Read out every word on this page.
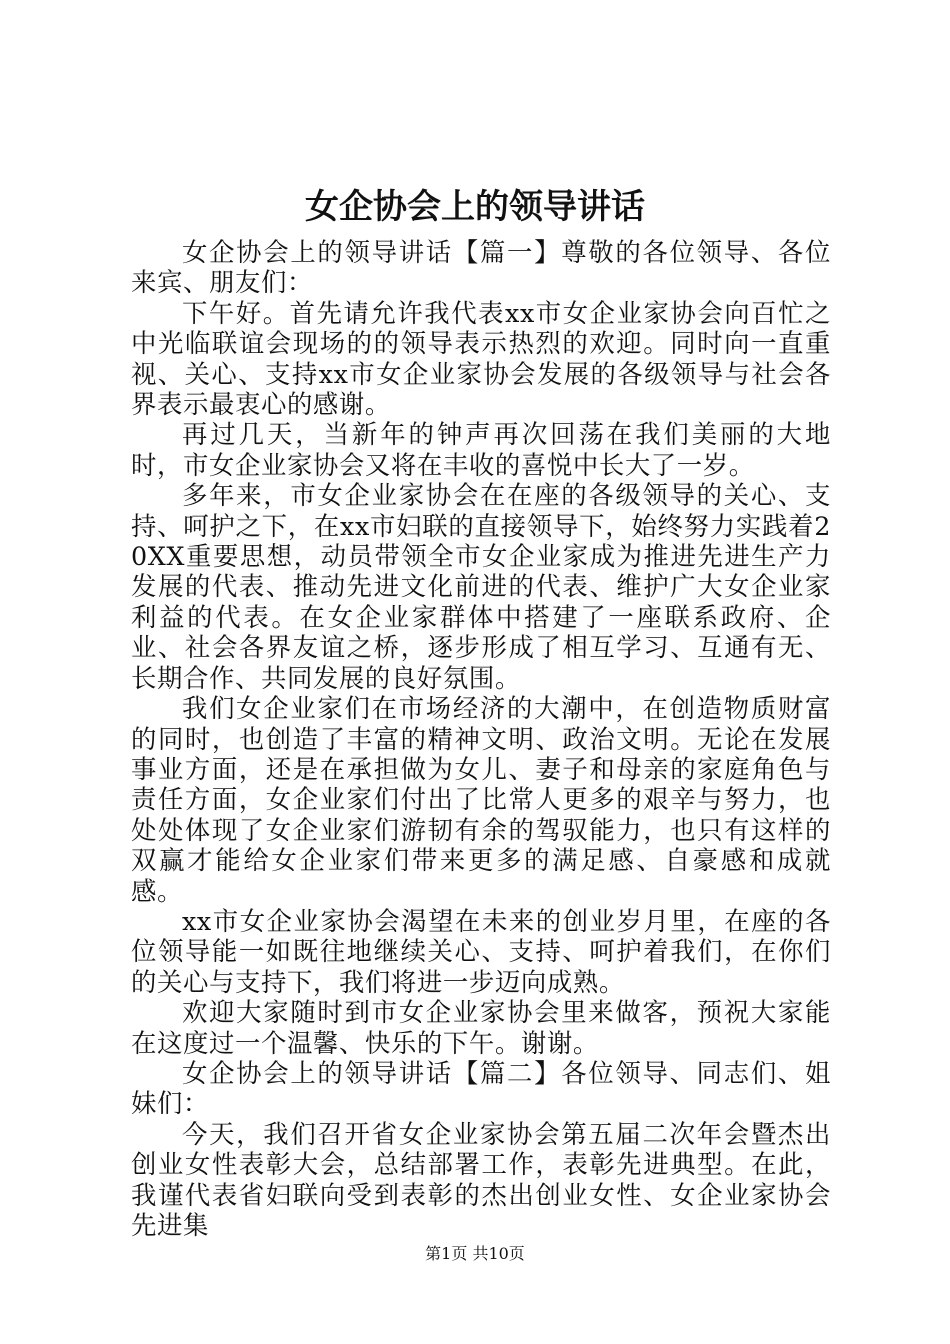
女企协会上的领导讲话

女企协会上的领导讲话【篇一】尊敬的各位领导、各位来宾、朋友们：

下午好。首先请允许我代表xx市女企业家协会向百忙之中光临联谊会现场的的领导表示热烈的欢迎。同时向一直重视、关心、支持xx市女企业家协会发展的各级领导与社会各界表示最衷心的感谢。

再过几天，当新年的钟声再次回荡在我们美丽的大地时，市女企业家协会又将在丰收的喜悦中长大了一岁。

多年来，市女企业家协会在在座的各级领导的关心、支持、呵护之下，在xx市妇联的直接领导下，始终努力实践着20XX重要思想，动员带领全市女企业家成为推进先进生产力发展的代表、推动先进文化前进的代表、维护广大女企业家利益的代表。在女企业家群体中搭建了一座联系政府、企业、社会各界友谊之桥，逐步形成了相互学习、互通有无、长期合作、共同发展的良好氛围。

我们女企业家们在市场经济的大潮中，在创造物质财富的同时，也创造了丰富的精神文明、政治文明。无论在发展事业方面，还是在承担做为女儿、妻子和母亲的家庭角色与责任方面，女企业家们付出了比常人更多的艰辛与努力，也处处体现了女企业家们游韧有余的驾驭能力，也只有这样的双赢才能给女企业家们带来更多的满足感、自豪感和成就感。

xx市女企业家协会渴望在未来的创业岁月里，在座的各位领导能一如既往地继续关心、支持、呵护着我们，在你们的关心与支持下，我们将进一步迈向成熟。

欢迎大家随时到市女企业家协会里来做客，预祝大家能在这度过一个温馨、快乐的下午。谢谢。

女企协会上的领导讲话【篇二】各位领导、同志们、姐妹们：

今天，我们召开省女企业家协会第五届二次年会暨杰出创业女性表彰大会，总结部署工作，表彰先进典型。在此，我谨代表省妇联向受到表彰的杰出创业女性、女企业家协会先进集

第1页 共10页
